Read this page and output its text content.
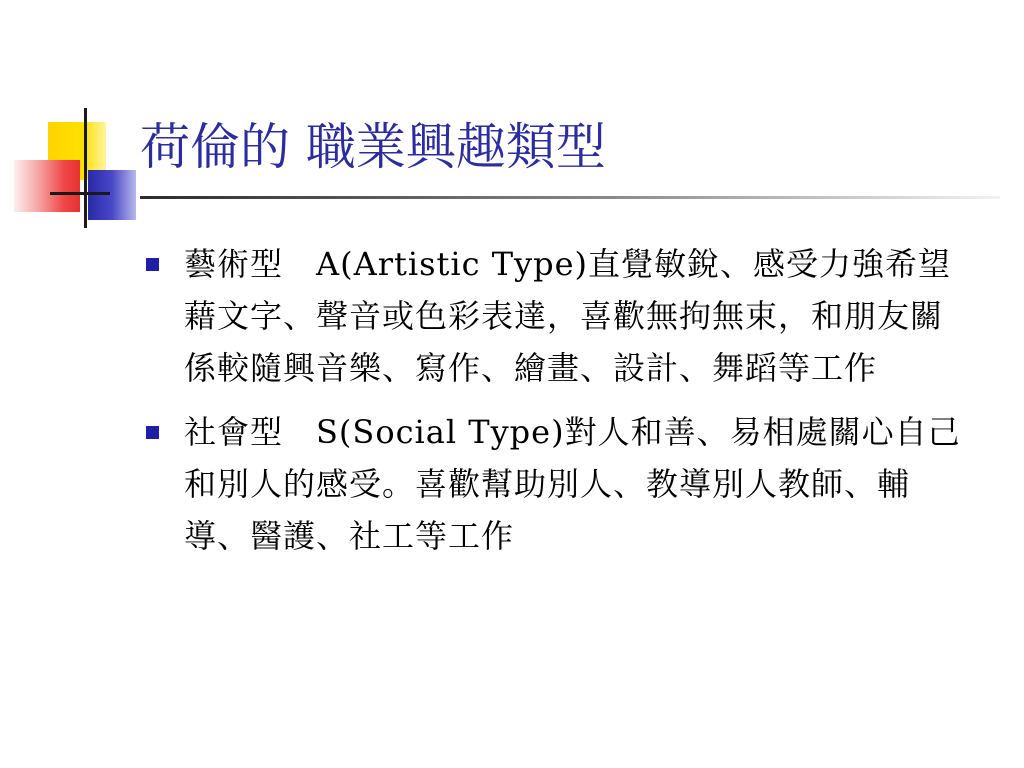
荷倫的 職業興趣類型
藝術型　A(Artistic Type)直覺敏銳、感受力強希望藉文字、聲音或色彩表達，喜歡無拘無束，和朋友關係較隨興音樂、寫作、繪畫、設計、舞蹈等工作
社會型　S(Social Type)對人和善、易相處關心自己和別人的感受。喜歡幫助別人、教導別人教師、輔導、醫護、社工等工作
